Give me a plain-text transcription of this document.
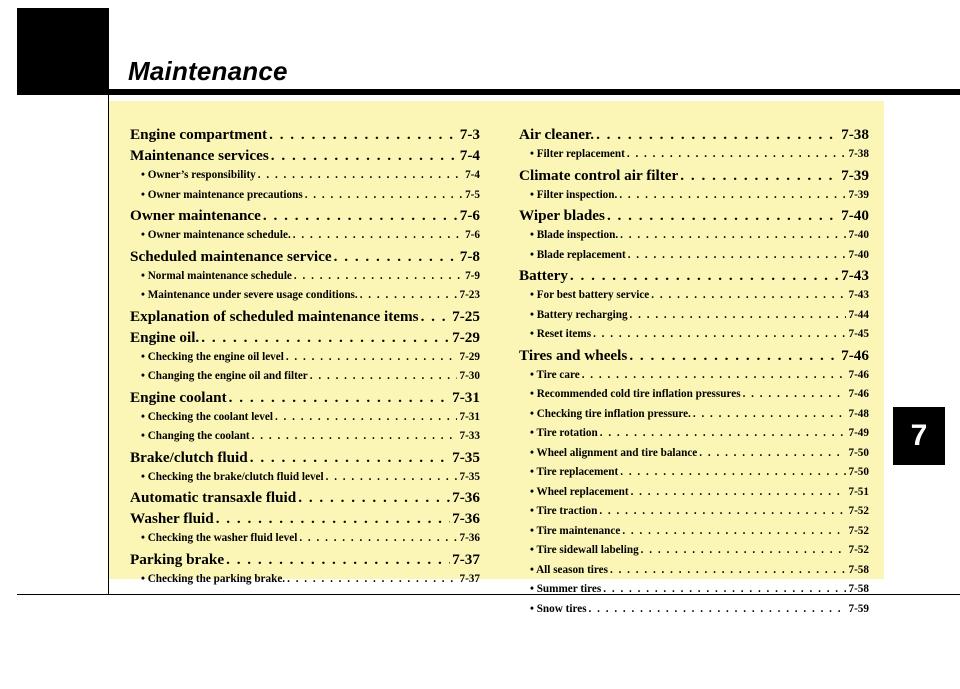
Maintenance
Engine compartment . . .	7-3
Maintenance services . . .	7-4
• Owner’s responsibility . . .	7-4
• Owner maintenance precautions . . .	7-5
Owner maintenance . . .	7-6
• Owner maintenance schedule. . . .	7-6
Scheduled maintenance service . . .	7-8
• Normal maintenance schedule . . .	7-9
• Maintenance under severe usage conditions. . . .	7-23
Explanation of scheduled maintenance items . . . 7-25
Engine oil. . . .	7-29
• Checking the engine oil level . . .	7-29
• Changing the engine oil and filter . . .	7-30
Engine coolant . . .	7-31
• Checking the coolant level . . .	7-31
• Changing the coolant . . .	7-33
Brake/clutch fluid . . .	7-35
• Checking the brake/clutch fluid level . . .	7-35
Automatic transaxle fluid . . .	7-36
Washer fluid . . .	7-36
• Checking the washer fluid level . . .	7-36
Parking brake . . .	7-37
• Checking the parking brake. . . .	7-37
Air cleaner. . . .	7-38
• Filter replacement . . .	7-38
Climate control air filter . . .	7-39
• Filter inspection. . . .	7-39
Wiper blades . . .	7-40
• Blade inspection. . . .	7-40
• Blade replacement . . .	7-40
Battery . . .	7-43
• For best battery service . . .	7-43
• Battery recharging . . .	7-44
• Reset items . . .	7-45
Tires and wheels . . .	7-46
• Tire care . . .	7-46
• Recommended cold tire inflation pressures . . .	7-46
• Checking tire inflation pressure. . . .	7-48
• Tire rotation . . .	7-49
• Wheel alignment and tire balance . . .	7-50
• Tire replacement . . .	7-50
• Wheel replacement . . .	7-51
• Tire traction . . .	7-52
• Tire maintenance . . .	7-52
• Tire sidewall labeling . . .	7-52
• All season tires . . .	7-58
• Summer tires . . .	7-58
• Snow tires . . .	7-59
7
